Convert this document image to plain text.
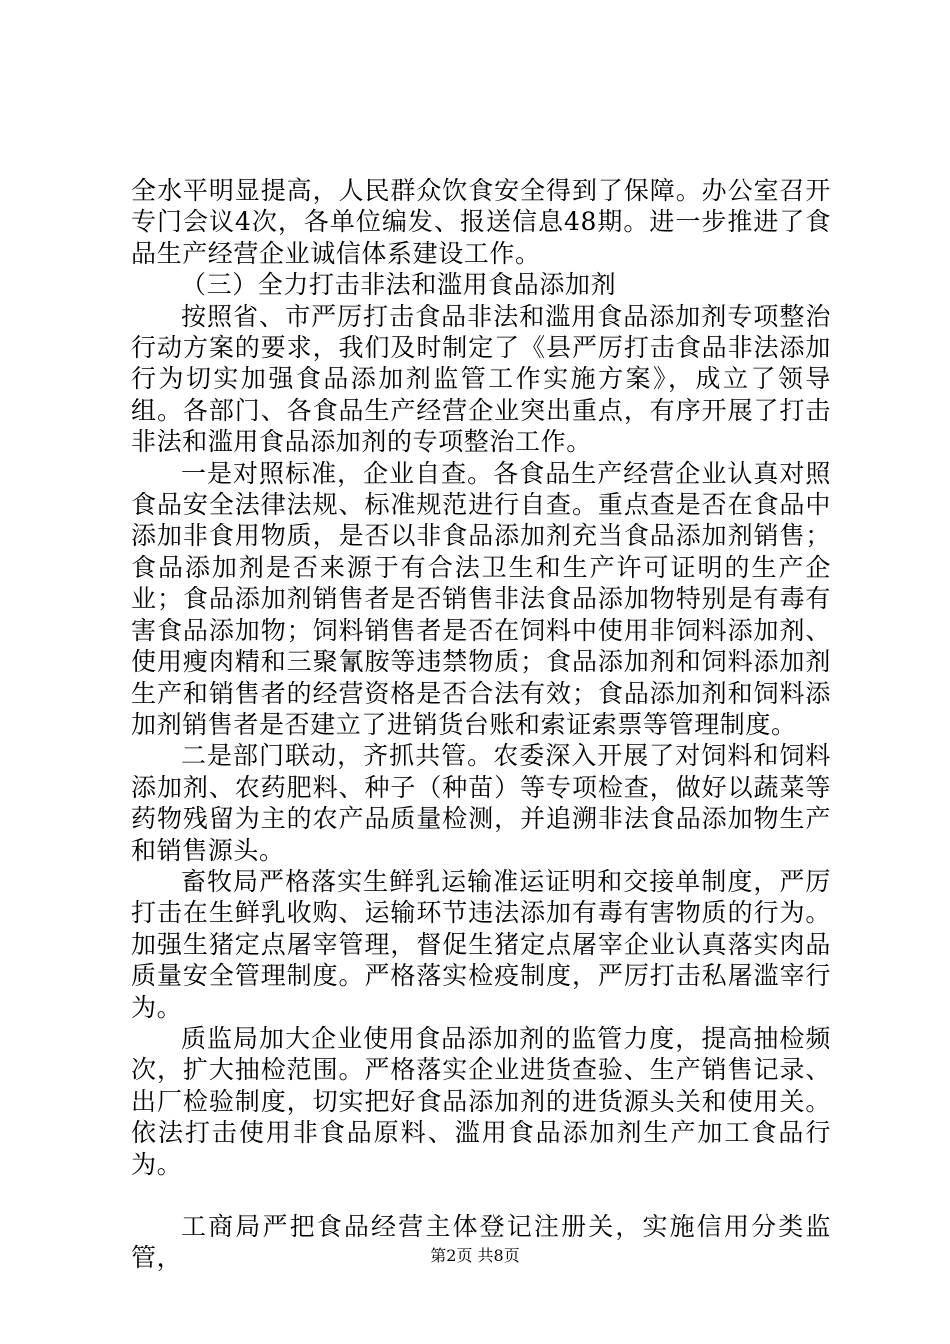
全水平明显提高，人民群众饮食安全得到了保障。办公室召开专门会议4次，各单位编发、报送信息48期。进一步推进了食品生产经营企业诚信体系建设工作。

（三）全力打击非法和滥用食品添加剂

按照省、市严厉打击食品非法和滥用食品添加剂专项整治行动方案的要求，我们及时制定了《县严厉打击食品非法添加行为切实加强食品添加剂监管工作实施方案》，成立了领导组。各部门、各食品生产经营企业突出重点，有序开展了打击非法和滥用食品添加剂的专项整治工作。

一是对照标准，企业自查。各食品生产经营企业认真对照食品安全法律法规、标准规范进行自查。重点查是否在食品中添加非食用物质，是否以非食品添加剂充当食品添加剂销售；食品添加剂是否来源于有合法卫生和生产许可证明的生产企业；食品添加剂销售者是否销售非法食品添加物特别是有毒有害食品添加物；饲料销售者是否在饲料中使用非饲料添加剂、使用瘦肉精和三聚氰胺等违禁物质；食品添加剂和饲料添加剂生产和销售者的经营资格是否合法有效；食品添加剂和饲料添加剂销售者是否建立了进销货台账和索证索票等管理制度。

二是部门联动，齐抓共管。农委深入开展了对饲料和饲料添加剂、农药肥料、种子（种苗）等专项检查，做好以蔬菜等药物残留为主的农产品质量检测，并追溯非法食品添加物生产和销售源头。

畜牧局严格落实生鲜乳运输准运证明和交接单制度，严厉打击在生鲜乳收购、运输环节违法添加有毒有害物质的行为。加强生猪定点屠宰管理，督促生猪定点屠宰企业认真落实肉品质量安全管理制度。严格落实检疫制度，严厉打击私屠滥宰行为。

质监局加大企业使用食品添加剂的监管力度，提高抽检频次，扩大抽检范围。严格落实企业进货查验、生产销售记录、出厂检验制度，切实把好食品添加剂的进货源头关和使用关。依法打击使用非食品原料、滥用食品添加剂生产加工食品行为。

工商局严把食品经营主体登记注册关，实施信用分类监管，	第2页 共8页
